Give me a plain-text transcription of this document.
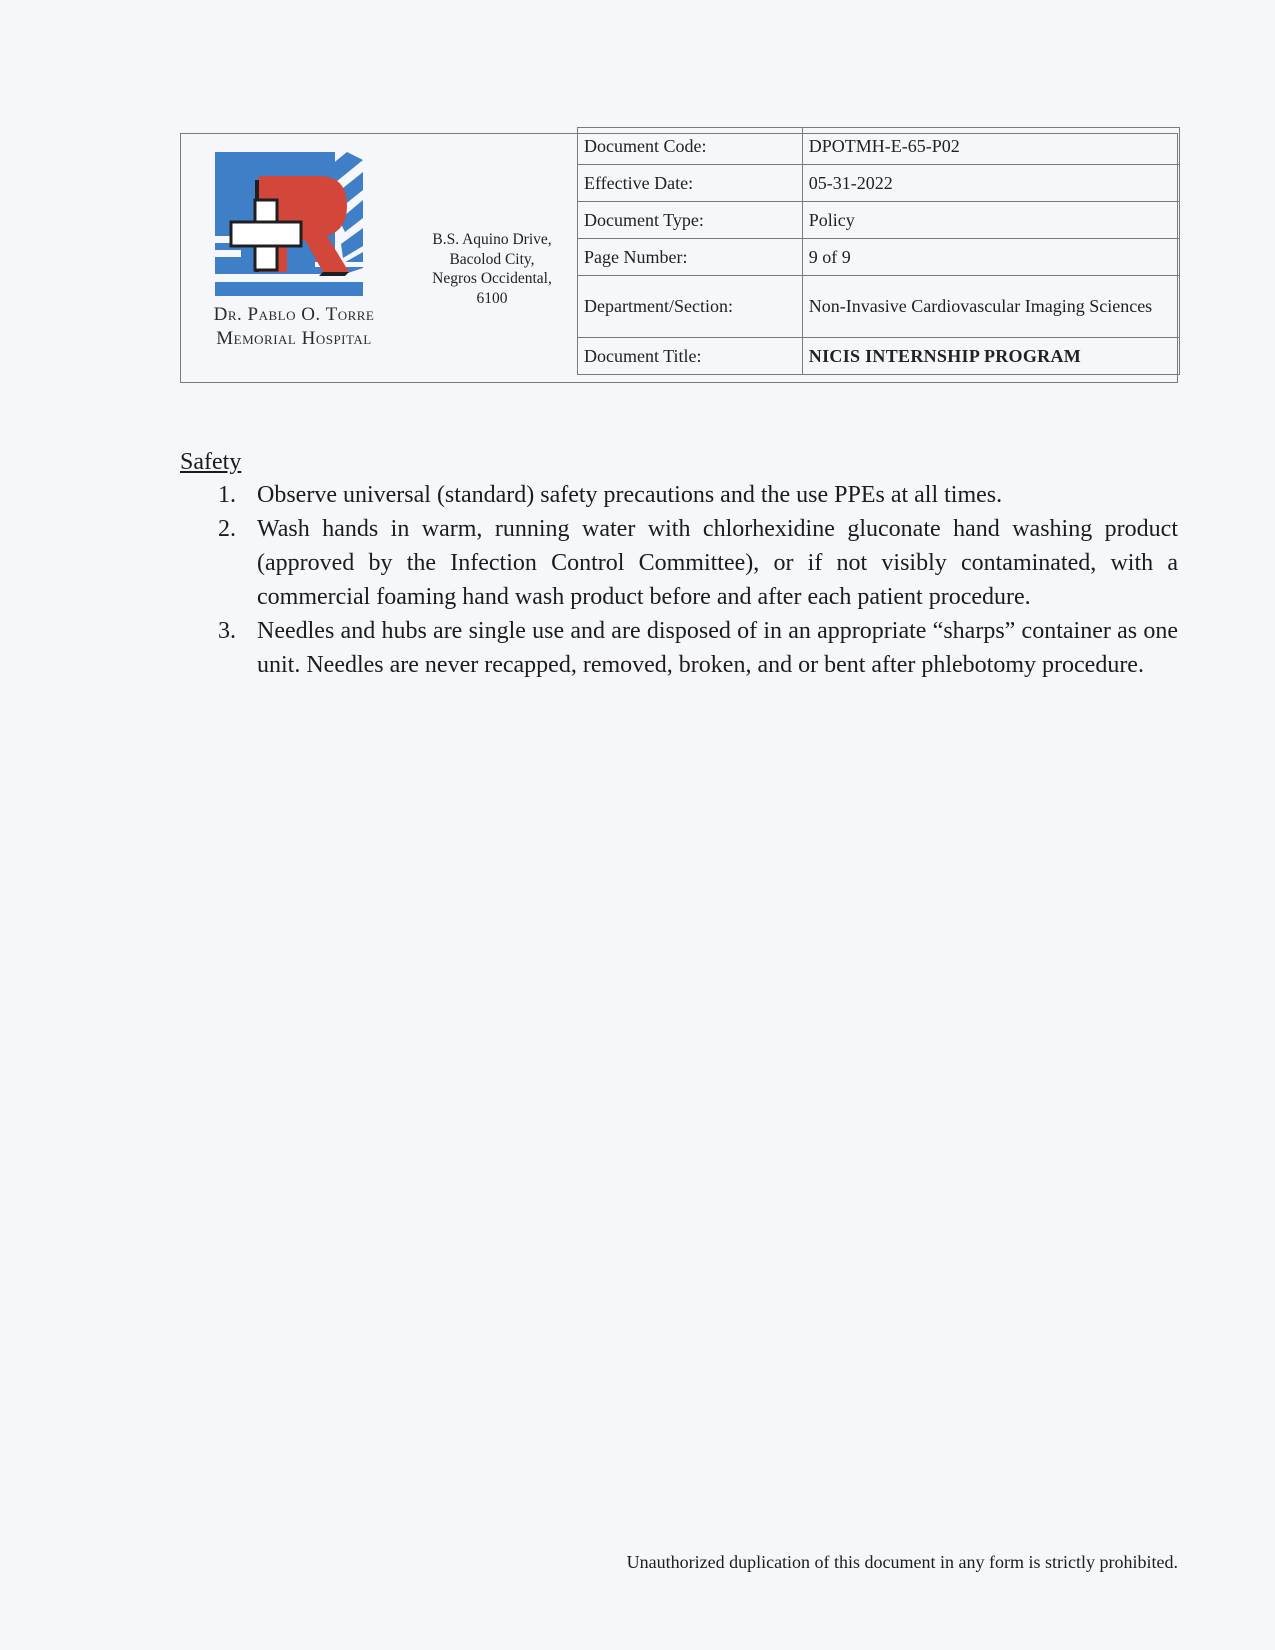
Dr. Pablo O. Torre
Memorial Hospital
B.S. Aquino Drive,
Bacolod City,
Negros Occidental,
6100
Document Code:	DPOTMH-E-65-P02
Effective Date:	05-31-2022
Document Type:	Policy
Page Number:	9 of 9
Department/Section:	Non-Invasive Cardiovascular Imaging Sciences
Document Title:	NICIS INTERNSHIP PROGRAM
Safety
1. Observe universal (standard) safety precautions and the use PPEs at all times.
2. Wash hands in warm, running water with chlorhexidine gluconate hand washing product (approved by the Infection Control Committee), or if not visibly contaminated, with a commercial foaming hand wash product before and after each patient procedure.
3. Needles and hubs are single use and are disposed of in an appropriate “sharps” container as one unit. Needles are never recapped, removed, broken, and or bent after phlebotomy procedure.
Unauthorized duplication of this document in any form is strictly prohibited.
